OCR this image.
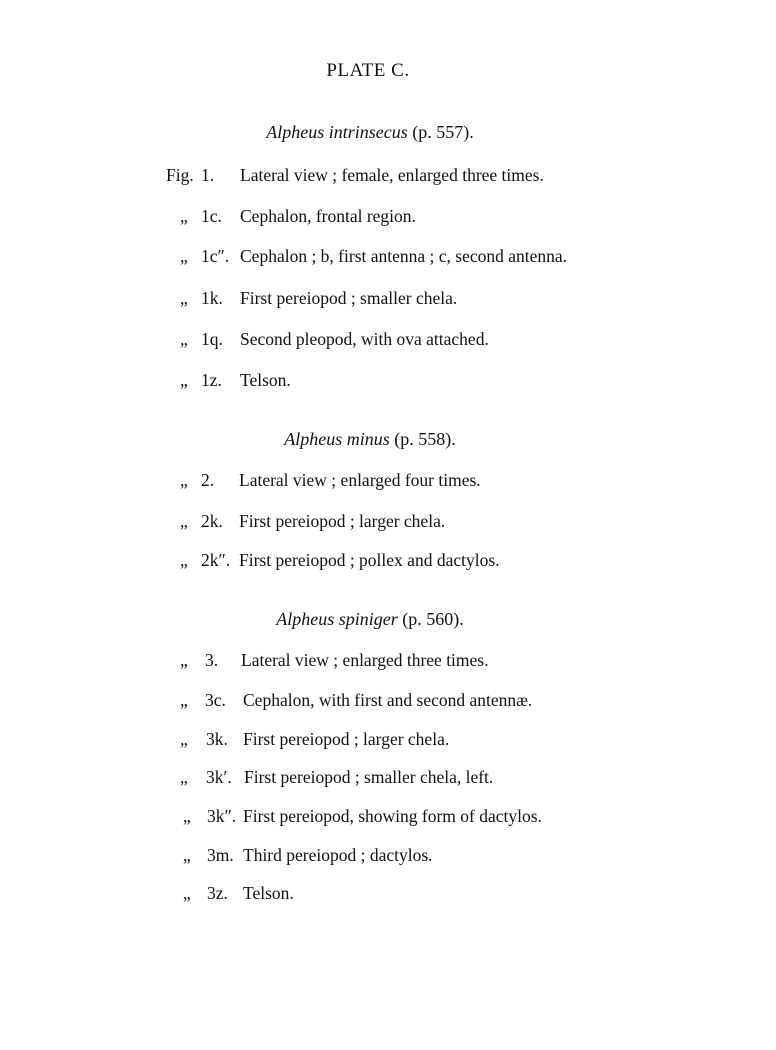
PLATE C.
Alpheus intrinsecus (p. 557).
Fig. 1. Lateral view ; female, enlarged three times.
„ 1c. Cephalon, frontal region.
„ 1c″. Cephalon ; b, first antenna ; c, second antenna.
„ 1k. First pereiopod ; smaller chela.
„ 1q. Second pleopod, with ova attached.
„ 1z. Telson.
Alpheus minus (p. 558).
„ 2. Lateral view ; enlarged four times.
„ 2k. First pereiopod ; larger chela.
„ 2k″. First pereiopod ; pollex and dactylos.
Alpheus spiniger (p. 560).
„ 3. Lateral view ; enlarged three times.
„ 3c. Cephalon, with first and second antennæ.
„ 3k. First pereiopod ; larger chela.
„ 3k′. First pereiopod ; smaller chela, left.
„ 3k″. First pereiopod, showing form of dactylos.
„ 3m. Third pereiopod ; dactylos.
„ 3z. Telson.
